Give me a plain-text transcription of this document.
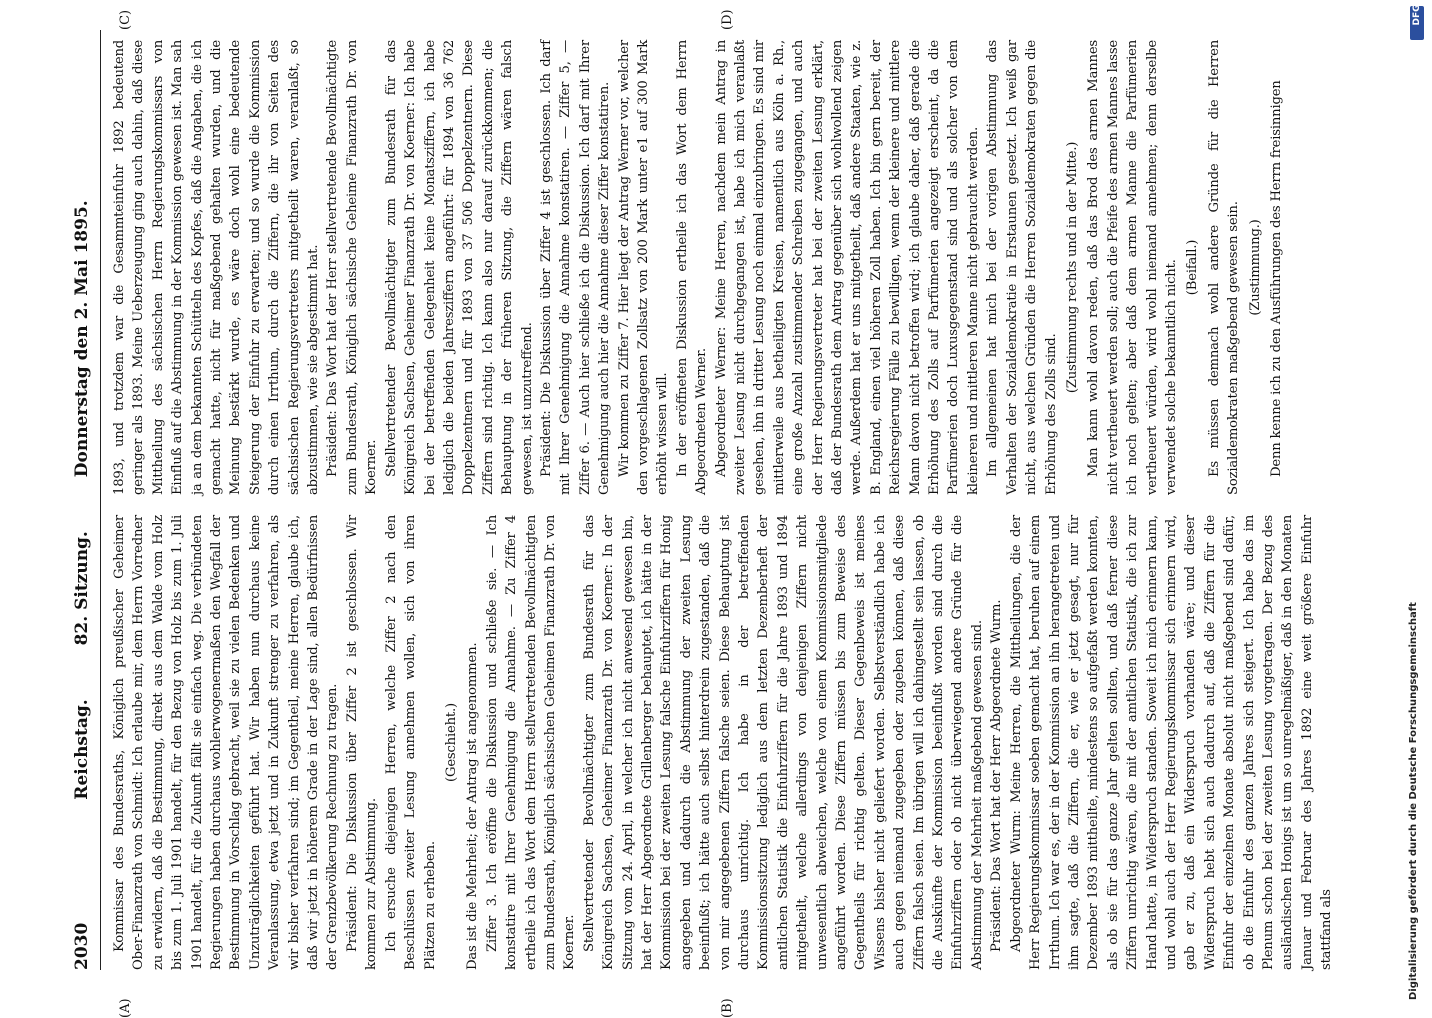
2030
Reichstag. 82. Sitzung. Donnerstag den 2. Mai 1895.
(A)	(B)
(C)	(D)

Kommissar des Bundesraths, Königlich preußischer Geheimer Ober-Finanzrath von Schmidt: Ich erlaube mir, dem Herrn Vorredner zu erwidern, daß die Bestimmung, direkt aus dem Walde vom Holz bis zum 1. Juli 1901 handelt, für den Bezug von Holz bis zum 1. Juli 1901 handelt, für die Zukunft fällt sie einfach weg. Die verbündeten Regierungen haben durchaus wohlerwogenermaßen den Wegfall der Bestimmung in Vorschlag gebracht, weil sie zu vielen Bedenken und Unzuträglichkeiten geführt hat. Wir haben nun durchaus keine Veranlassung, etwa jetzt und in Zukunft strenger zu verfahren, als wir bisher verfahren sind; im Gegentheil, meine Herren, glaube ich, daß wir jetzt in höherem Grade in der Lage sind, allen Bedürfnissen der Grenzbevölkerung Rechnung zu tragen. Präsident: Die Diskussion über Ziffer 2 ist geschlossen. Wir kommen zur Abstimmung. Ich ersuche diejenigen Herren, welche Ziffer 2 nach den Beschlüssen zweiter Lesung annehmen wollen, sich von ihren Plätzen zu erheben.

(Geschieht.) Das ist die Mehrheit; der Antrag ist angenommen. Ziffer 3. Ich eröffne die Diskussion und schließe sie. — Ich konstatire mit Ihrer Genehmigung die Annahme. — Zu Ziffer 4 ertheile ich das Wort dem Herrn stellvertretenden Bevollmächtigten zum Bundesrath, Königlich sächsischen Geheimen Finanzrath Dr. von Koerner. Stellvertretender Bevollmächtigter zum Bundesrath für das Königreich Sachsen, Geheimer Finanzrath Dr. von Koerner: In der Sitzung vom 24. April, in welcher ich nicht anwesend gewesen bin, hat der Herr Abgeordnete Grillenberger behauptet, ich hätte in der Kommission bei der zweiten Lesung falsche Einfuhrziffern für Honig angegeben und dadurch die Abstimmung der zweiten Lesung beeinflußt; ich hätte auch selbst hinterdrein zugestanden, daß die von mir angegebenen Ziffern falsche seien. Diese Behauptung ist durchaus unrichtig. Ich habe in der betreffenden Kommissionssitzung lediglich aus dem letzten Dezemberheft der amtlichen Statistik die Einfuhrziffern für die Jahre 1893 und 1894 mitgetheilt, welche allerdings von denjenigen Ziffern nicht unwesentlich abweichen, welche von einem Kommissionsmitgliede angeführt worden. Diese Ziffern müssen bis zum Beweise des Gegentheils für richtig gelten. Dieser Gegenbeweis ist meines Wissens bisher nicht geliefert worden. Selbstverständlich habe ich auch gegen niemand zugegeben oder zugeben können, daß diese Ziffern falsch seien. Im übrigen will ich dahingestellt sein lassen, ob die Auskünfte der Kommission beeinflußt worden sind durch die Einfuhrziffern oder ob nicht überwiegend andere Gründe für die Abstimmung der Mehrheit maßgebend gewesen sind. Präsident: Das Wort hat der Herr Abgeordnete Wurm. Abgeordneter Wurm: Meine Herren, die Mittheilungen, die der Herr Regierungskommissar soeben gemacht hat, beruhen auf einem Irrthum. Ich war es, der in der Kommission an ihn herangetreten und ihm sagte, daß die Ziffern, die er, wie er jetzt gesagt, nur für Dezember 1893 mittheilte, mindestens so aufgefaßt werden konnten, als ob sie für das ganze Jahr gelten sollten, und daß ferner diese Ziffern unrichtig wären, die mit der amtlichen Statistik, die ich zur Hand hatte, in Widerspruch standen. Soweit ich mich erinnern kann, und wohl auch der Herr Regierungskommissar sich erinnern wird, gab er zu, daß ein Widerspruch vorhanden wäre; und dieser Widerspruch hebt sich auch dadurch auf, daß die Ziffern für die Einfuhr der einzelnen Monate absolut nicht maßgebend sind dafür, ob die Einfuhr des ganzen Jahres sich steigert. Ich habe das im Plenum schon bei der zweiten Lesung vorgetragen. Der Bezug des ausländischen Honigs ist um so unregelmäßiger, daß in den Monaten Januar und Februar des Jahres 1892 eine weit größere Einfuhr stattfand als

1893, und trotzdem war die Gesammteinfuhr 1892 bedeutend geringer als 1893. Meine Ueberzeugung ging auch dahin, daß diese Mittheilung des sächsischen Herrn Regierungskommissars von Einfluß auf die Abstimmung in der Kommission gewesen ist. Man sah ja an dem bekannten Schütteln des Kopfes, daß die Angaben, die ich gemacht hatte, nicht für maßgebend gehalten wurden, und die Meinung bestärkt wurde, es wäre doch wohl eine bedeutende Steigerung der Einfuhr zu erwarten; und so wurde die Kommission durch einen Irrthum, durch die Ziffern, die ihr von Seiten des sächsischen Regierungsvertreters mitgetheilt waren, veranlaßt, so abzustimmen, wie sie abgestimmt hat. Präsident: Das Wort hat der Herr stellvertretende Bevollmächtigte zum Bundesrath, Königlich sächsische Geheime Finanzrath Dr. von Koerner. Stellvertretender Bevollmächtigter zum Bundesrath für das Königreich Sachsen, Geheimer Finanzrath Dr. von Koerner: Ich habe bei der betreffenden Gelegenheit keine Monatsziffern, ich habe lediglich die beiden Jahresziffern angeführt: für 1894 von 36 762 Doppelzentnern und für 1893 von 37 506 Doppelzentnern. Diese Ziffern sind richtig. Ich kann also nur darauf zurückkommen; die Behauptung in der früheren Sitzung, die Ziffern wären falsch gewesen, ist unzutreffend. Präsident: Die Diskussion über Ziffer 4 ist geschlossen. Ich darf mit Ihrer Genehmigung die Annahme konstatiren. — Ziffer 5, — Ziffer 6. — Auch hier schließe ich die Diskussion. Ich darf mit Ihrer Genehmigung auch hier die Annahme dieser Ziffer konstatiren. Wir kommen zu Ziffer 7. Hier liegt der Antrag Werner vor, welcher den vorgeschlagenen Zollsatz von 200 Mark unter e1 auf 300 Mark erhöht wissen will. In der eröffneten Diskussion ertheile ich das Wort dem Herrn Abgeordneten Werner. Abgeordneter Werner: Meine Herren, nachdem mein Antrag in zweiter Lesung nicht durchgegangen ist, habe ich mich veranlaßt gesehen, ihn in dritter Lesung noch einmal einzubringen. Es sind mir mittlerweile aus betheiligten Kreisen, namentlich aus Köln a. Rh., eine große Anzahl zustimmender Schreiben zugegangen, und auch der Herr Regierungsvertreter hat bei der zweiten Lesung erklärt, daß der Bundesrath dem Antrag gegenüber sich wohlwollend zeigen werde. Außerdem hat er uns mitgetheilt, daß andere Staaten, wie z. B. England, einen viel höheren Zoll haben. Ich bin gern bereit, der Reichsregierung Fälle zu bewilligen, wenn der kleinere und mittlere Mann davon nicht betroffen wird; ich glaube daher, daß gerade die Erhöhung des Zolls auf Parfümerien angezeigt erscheint, da die Parfümerien doch Luxusgegenstand sind und als solcher von dem kleineren und mittleren Manne nicht gebraucht werden. Im allgemeinen hat mich bei der vorigen Abstimmung das Verhalten der Sozialdemokratie in Erstaunen gesetzt. Ich weiß gar nicht, aus welchen Gründen die Herren Sozialdemokraten gegen die Erhöhung des Zolls sind.

(Zustimmung rechts und in der Mitte.) Man kann wohl davon reden, daß das Brod des armen Mannes nicht vertheuert werden soll; auch die Pfeife des armen Mannes lasse ich noch gelten; aber daß dem armen Manne die Parfümerien vertheuert würden, wird wohl niemand annehmen; denn derselbe verwendet solche bekanntlich nicht. (Beifall.) Es müssen demnach wohl andere Gründe für die Herren Sozialdemokraten maßgebend gewesen sein. (Zustimmung.) Denn kenne ich zu den Ausführungen des Herrn freisinnigen

Digitalisierung gefördert durch die Deutsche Forschungsgemeinschaft
DFG
